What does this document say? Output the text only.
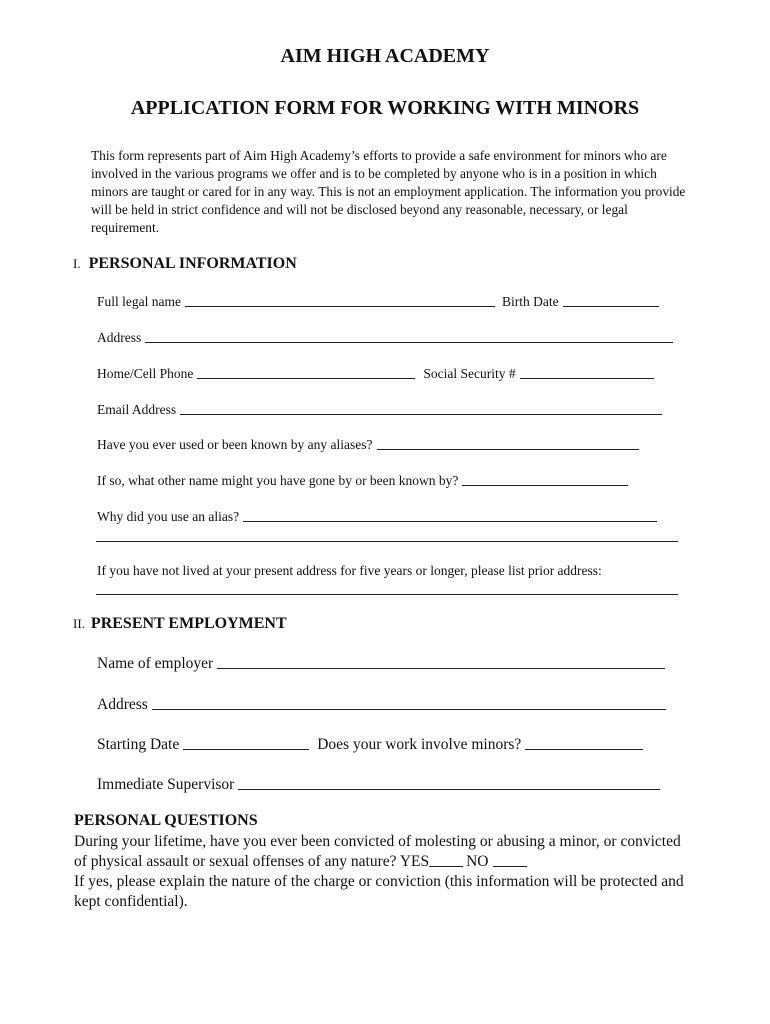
AIM HIGH ACADEMY
APPLICATION FORM FOR WORKING WITH MINORS
This form represents part of Aim High Academy’s efforts to provide a safe environment for minors who are involved in the various programs we offer and is to be completed by anyone who is in a position in which minors are taught or cared for in any way. This is not an employment application. The information you provide will be held in strict confidence and will not be disclosed beyond any reasonable, necessary, or legal requirement.
I. PERSONAL INFORMATION
Full legal name	Birth Date
Address
Home/Cell Phone	Social Security #
Email Address
Have you ever used or been known by any aliases?
If so, what other name might you have gone by or been known by?
Why did you use an alias?
If you have not lived at your present address for five years or longer, please list prior address:
II. PRESENT EMPLOYMENT
Name of employer
Address
Starting Date	Does your work involve minors?
Immediate Supervisor
PERSONAL QUESTIONS
During your lifetime, have you ever been convicted of molesting or abusing a minor, or convicted of physical assault or sexual offenses of any nature? YES NO
If yes, please explain the nature of the charge or conviction (this information will be protected and kept confidential).
